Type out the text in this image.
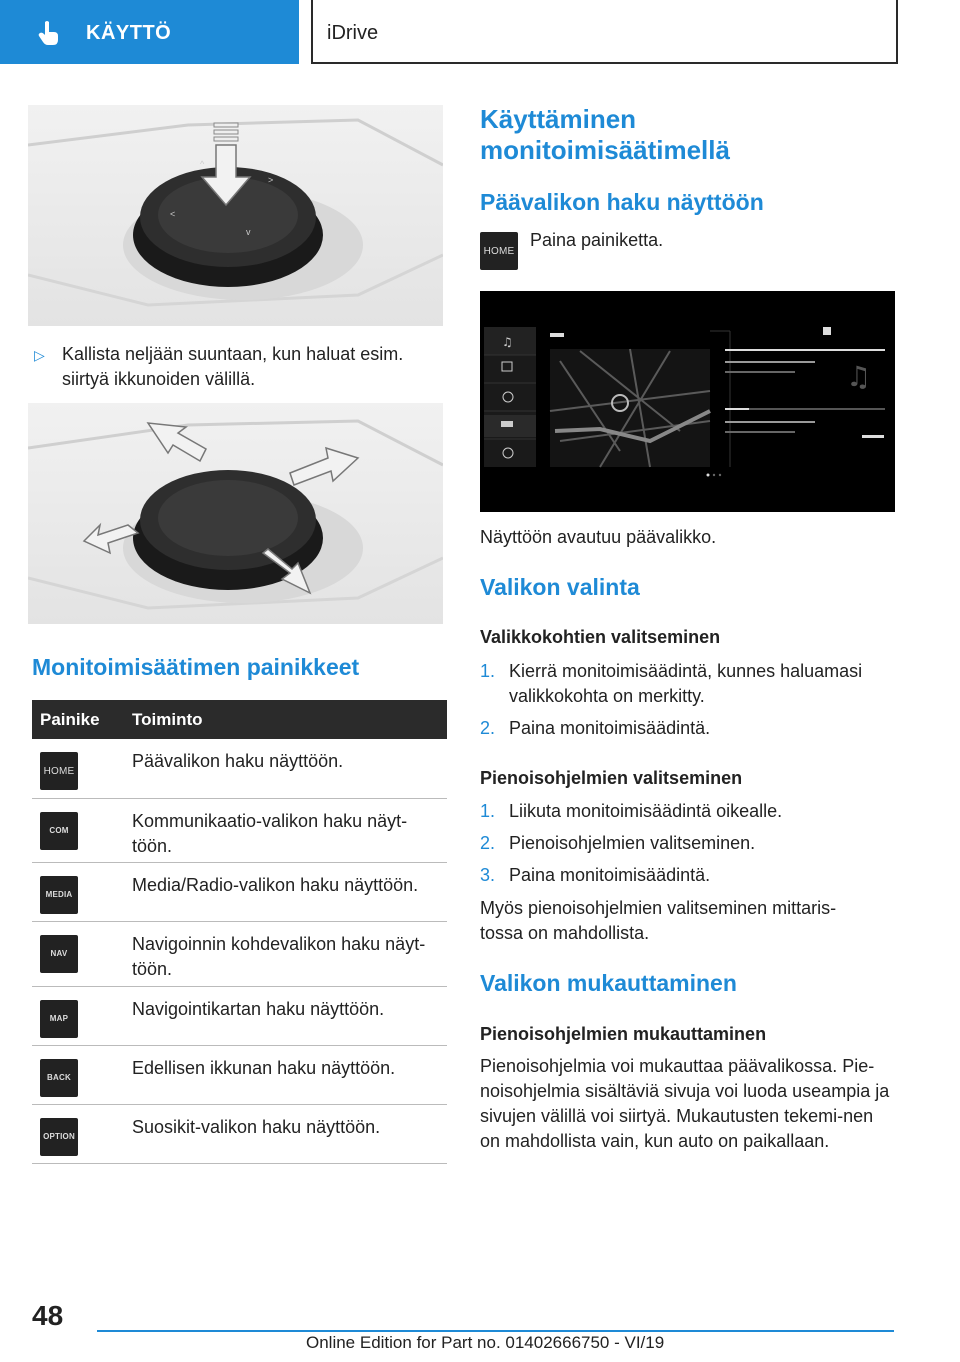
KÄYTTÖ	iDrive
^
>
<
v
▷ Kallista neljään suuntaan, kun haluat esim. siirtyä ikkunoiden välillä.
Monitoimisäätimen painikkeet
Painike	Toiminto

HOME	Päävalikon haku näyttöön.

COM	Kommunikaatio-valikon haku näyt-töön.

MEDIA	Media/Radio-valikon haku näyttöön.

NAV	Navigoinnin kohdevalikon haku näyt-töön.

MAP	Navigointikartan haku näyttöön.

BACK	Edellisen ikkunan haku näyttöön.

OPTION	Suosikit-valikon haku näyttöön.
Käyttäminen
monitoimisäätimellä
Päävalikon haku näyttöön
HOME
Paina painiketta.
♫
♫
Näyttöön avautuu päävalikko.
Valikon valinta
Valikkokohtien valitseminen
1. Kierrä monitoimisäädintä, kunnes haluamasi valikkokohta on merkitty.
2. Paina monitoimisäädintä.
Pienoisohjelmien valitseminen
1. Liikuta monitoimisäädintä oikealle.
2. Pienoisohjelmien valitseminen.
3. Paina monitoimisäädintä.
Myös pienoisohjelmien valitseminen mittaris-tossa on mahdollista.
Valikon mukauttaminen
Pienoisohjelmien mukauttaminen
Pienoisohjelmia voi mukauttaa päävalikossa. Pie-noisohjelmia sisältäviä sivuja voi luoda useampia ja sivujen välillä voi siirtyä. Mukautusten tekemi-nen on mahdollista vain, kun auto on paikallaan.
48
Online Edition for Part no. 01402666750 - VI/19
